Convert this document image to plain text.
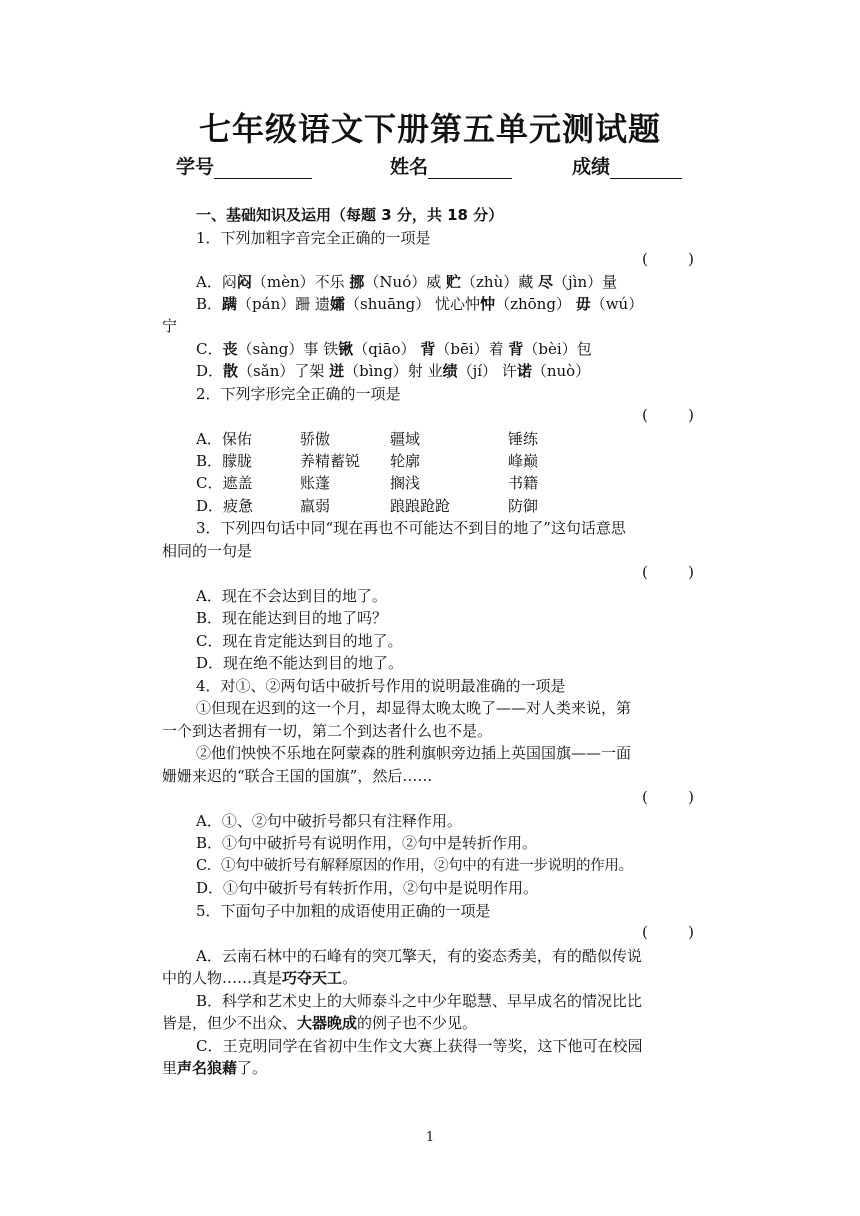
七年级语文下册第五单元测试题
学号	姓名	成绩
一、基础知识及运用（每题 3 分，共 18 分）
1．下列加粗字音完全正确的一项是
(	)
A．闷闷（mèn）不乐 挪（Nuó）威 贮（zhù）藏 尽（jìn）量
B．蹒（pán）跚 遗孀（shuāng） 忧心忡忡（zhōng） 毋（wú）
宁
C．丧（sàng）事 铁锹（qiāo） 背（bēi）着 背（bèi）包
D．散（sǎn）了架 迸（bìng）射 业绩（jí） 许诺（nuò）
2．下列字形完全正确的一项是
(	)
A．保佑	骄傲	疆域	锤练
B．朦胧	养精蓄锐 轮廓	峰巅
C．遮盖	账蓬	搁浅	书籍
D．疲惫	羸弱	踉踉跄跄	防御
3．下列四句话中同“现在再也不可能达不到目的地了”这句话意思
相同的一句是
(	)
A．现在不会达到目的地了。
B．现在能达到目的地了吗？
C．现在肯定能达到目的地了。
D．现在绝不能达到目的地了。
4．对①、②两句话中破折号作用的说明最准确的一项是
①但现在迟到的这一个月，却显得太晚太晚了——对人类来说，第
一个到达者拥有一切，第二个到达者什么也不是。
②他们怏怏不乐地在阿蒙森的胜利旗帜旁边插上英国国旗——一面
姗姗来迟的“联合王国的国旗”，然后……
(	)
A．①、②句中破折号都只有注释作用。
B．①句中破折号有说明作用，②句中是转折作用。
C．①句中破折号有解释原因的作用，②句中的有进一步说明的作用。
D．①句中破折号有转折作用，②句中是说明作用。
5．下面句子中加粗的成语使用正确的一项是
(	)
A．云南石林中的石峰有的突兀擎天，有的姿态秀美，有的酷似传说
中的人物……真是巧夺天工。
B．科学和艺术史上的大师泰斗之中少年聪慧、早早成名的情况比比
皆是，但少不出众、大器晚成的例子也不少见。
C．王克明同学在省初中生作文大赛上获得一等奖，这下他可在校园
里声名狼藉了。
1
